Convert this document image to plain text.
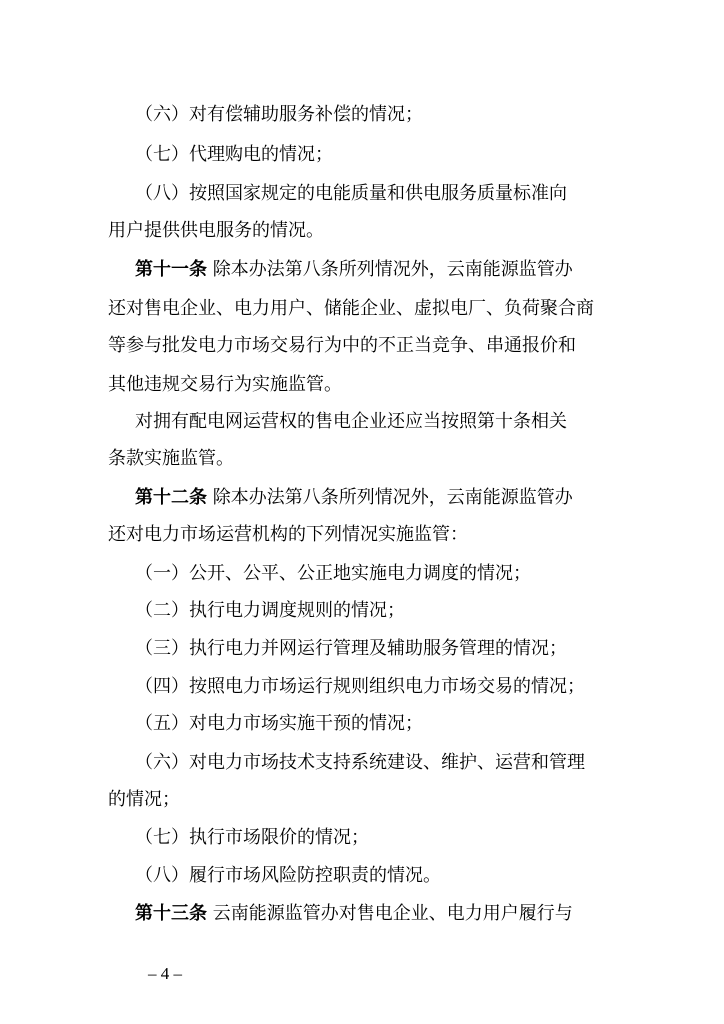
（六）对有偿辅助服务补偿的情况；
（七）代理购电的情况；
（八）按照国家规定的电能质量和供电服务质量标准向
用户提供供电服务的情况。
第十一条 除本办法第八条所列情况外，云南能源监管办
还对售电企业、电力用户、储能企业、虚拟电厂、负荷聚合商
等参与批发电力市场交易行为中的不正当竞争、串通报价和
其他违规交易行为实施监管。
对拥有配电网运营权的售电企业还应当按照第十条相关
条款实施监管。
第十二条 除本办法第八条所列情况外，云南能源监管办
还对电力市场运营机构的下列情况实施监管：
（一）公开、公平、公正地实施电力调度的情况；
（二）执行电力调度规则的情况；
（三）执行电力并网运行管理及辅助服务管理的情况；
（四）按照电力市场运行规则组织电力市场交易的情况；
（五）对电力市场实施干预的情况；
（六）对电力市场技术支持系统建设、维护、运营和管理
的情况；
（七）执行市场限价的情况；
（八）履行市场风险防控职责的情况。
第十三条 云南能源监管办对售电企业、电力用户履行与
– 4 –
